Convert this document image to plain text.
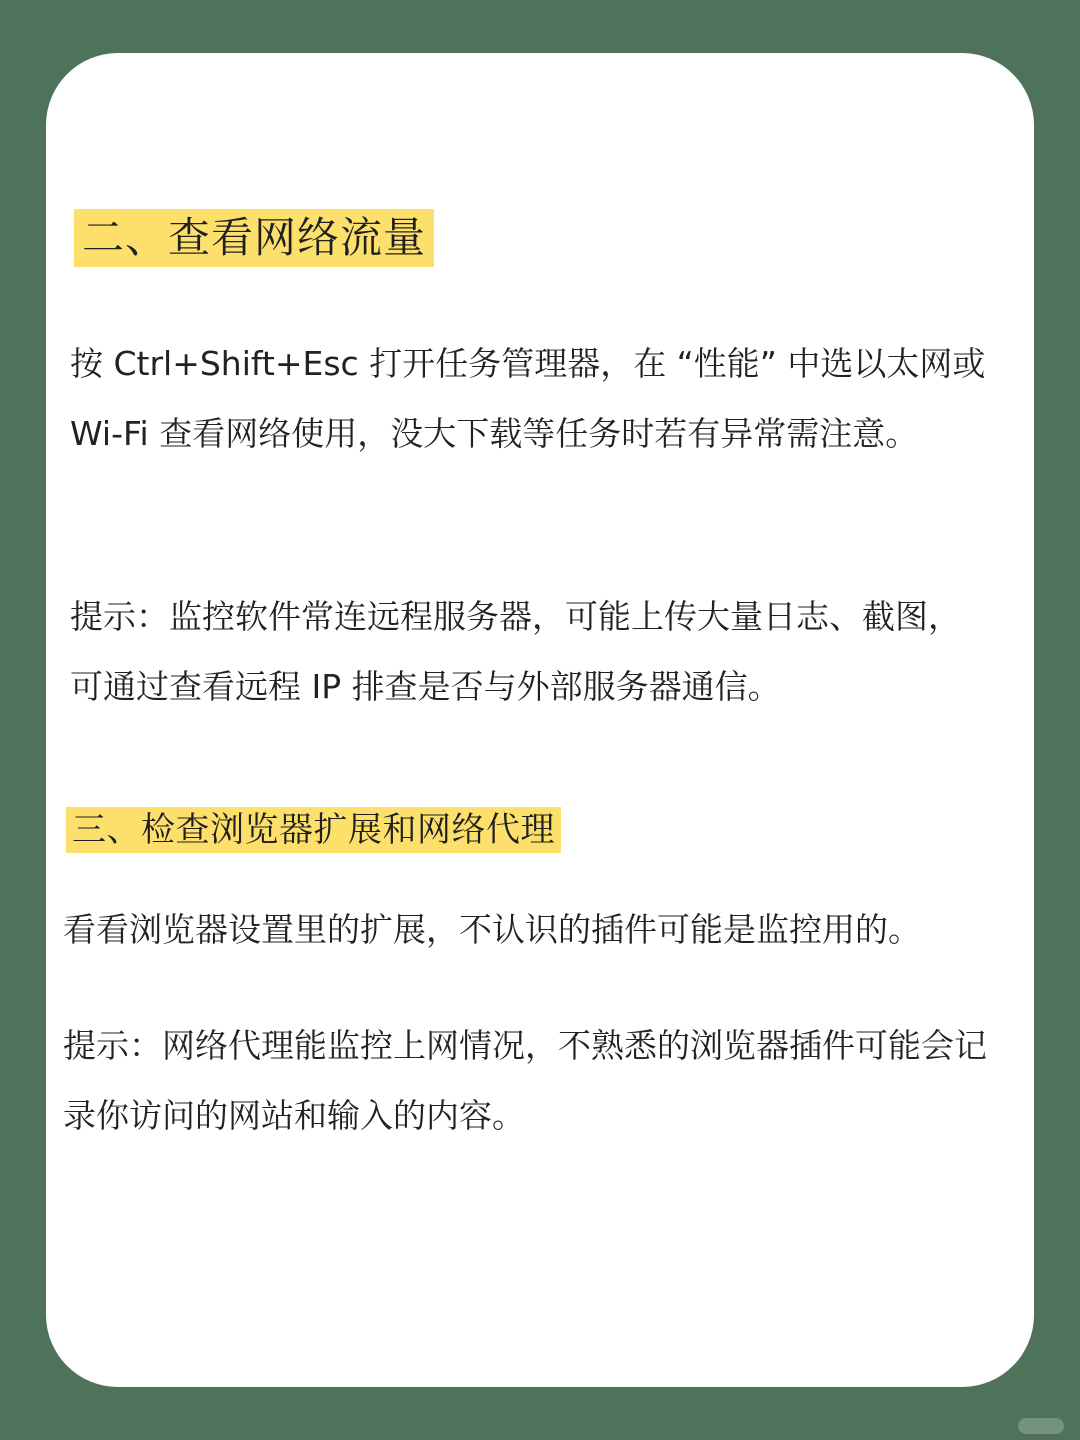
二、查看网络流量

按 Ctrl+Shift+Esc 打开任务管理器，在 “性能” 中选以太网或 Wi-Fi 查看网络使用，没大下载等任务时若有异常需注意。

提示：监控软件常连远程服务器，可能上传大量日志、截图，可通过查看远程 IP 排查是否与外部服务器通信。

三、检查浏览器扩展和网络代理

看看浏览器设置里的扩展，不认识的插件可能是监控用的。

提示：网络代理能监控上网情况，不熟悉的浏览器插件可能会记录你访问的网站和输入的内容。
